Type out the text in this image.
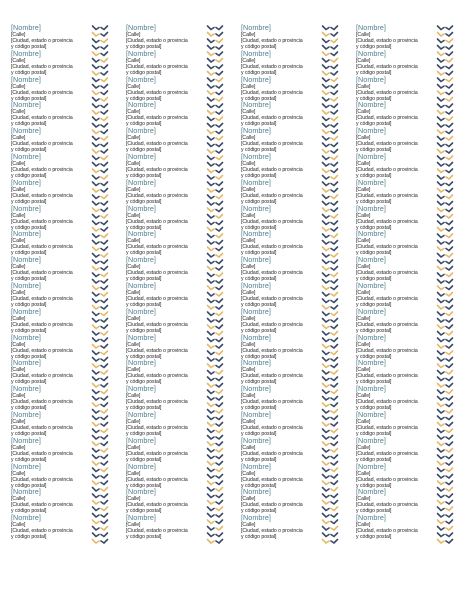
[Nombre]
[Calle]
[Ciudad, estado o provincia
y código postal]
[Nombre]
[Calle]
[Ciudad, estado o provincia
y código postal]
[Nombre]
[Calle]
[Ciudad, estado o provincia
y código postal]
[Nombre]
[Calle]
[Ciudad, estado o provincia
y código postal]
[Nombre]
[Calle]
[Ciudad, estado o provincia
y código postal]
[Nombre]
[Calle]
[Ciudad, estado o provincia
y código postal]
[Nombre]
[Calle]
[Ciudad, estado o provincia
y código postal]
[Nombre]
[Calle]
[Ciudad, estado o provincia
y código postal]
[Nombre]
[Calle]
[Ciudad, estado o provincia
y código postal]
[Nombre]
[Calle]
[Ciudad, estado o provincia
y código postal]
[Nombre]
[Calle]
[Ciudad, estado o provincia
y código postal]
[Nombre]
[Calle]
[Ciudad, estado o provincia
y código postal]
[Nombre]
[Calle]
[Ciudad, estado o provincia
y código postal]
[Nombre]
[Calle]
[Ciudad, estado o provincia
y código postal]
[Nombre]
[Calle]
[Ciudad, estado o provincia
y código postal]
[Nombre]
[Calle]
[Ciudad, estado o provincia
y código postal]
[Nombre]
[Calle]
[Ciudad, estado o provincia
y código postal]
[Nombre]
[Calle]
[Ciudad, estado o provincia
y código postal]
[Nombre]
[Calle]
[Ciudad, estado o provincia
y código postal]
[Nombre]
[Calle]
[Ciudad, estado o provincia
y código postal]
[Nombre]
[Calle]
[Ciudad, estado o provincia
y código postal]
[Nombre]
[Calle]
[Ciudad, estado o provincia
y código postal]
[Nombre]
[Calle]
[Ciudad, estado o provincia
y código postal]
[Nombre]
[Calle]
[Ciudad, estado o provincia
y código postal]
[Nombre]
[Calle]
[Ciudad, estado o provincia
y código postal]
[Nombre]
[Calle]
[Ciudad, estado o provincia
y código postal]
[Nombre]
[Calle]
[Ciudad, estado o provincia
y código postal]
[Nombre]
[Calle]
[Ciudad, estado o provincia
y código postal]
[Nombre]
[Calle]
[Ciudad, estado o provincia
y código postal]
[Nombre]
[Calle]
[Ciudad, estado o provincia
y código postal]
[Nombre]
[Calle]
[Ciudad, estado o provincia
y código postal]
[Nombre]
[Calle]
[Ciudad, estado o provincia
y código postal]
[Nombre]
[Calle]
[Ciudad, estado o provincia
y código postal]
[Nombre]
[Calle]
[Ciudad, estado o provincia
y código postal]
[Nombre]
[Calle]
[Ciudad, estado o provincia
y código postal]
[Nombre]
[Calle]
[Ciudad, estado o provincia
y código postal]
[Nombre]
[Calle]
[Ciudad, estado o provincia
y código postal]
[Nombre]
[Calle]
[Ciudad, estado o provincia
y código postal]
[Nombre]
[Calle]
[Ciudad, estado o provincia
y código postal]
[Nombre]
[Calle]
[Ciudad, estado o provincia
y código postal]
[Nombre]
[Calle]
[Ciudad, estado o provincia
y código postal]
[Nombre]
[Calle]
[Ciudad, estado o provincia
y código postal]
[Nombre]
[Calle]
[Ciudad, estado o provincia
y código postal]
[Nombre]
[Calle]
[Ciudad, estado o provincia
y código postal]
[Nombre]
[Calle]
[Ciudad, estado o provincia
y código postal]
[Nombre]
[Calle]
[Ciudad, estado o provincia
y código postal]
[Nombre]
[Calle]
[Ciudad, estado o provincia
y código postal]
[Nombre]
[Calle]
[Ciudad, estado o provincia
y código postal]
[Nombre]
[Calle]
[Ciudad, estado o provincia
y código postal]
[Nombre]
[Calle]
[Ciudad, estado o provincia
y código postal]
[Nombre]
[Calle]
[Ciudad, estado o provincia
y código postal]
[Nombre]
[Calle]
[Ciudad, estado o provincia
y código postal]
[Nombre]
[Calle]
[Ciudad, estado o provincia
y código postal]
[Nombre]
[Calle]
[Ciudad, estado o provincia
y código postal]
[Nombre]
[Calle]
[Ciudad, estado o provincia
y código postal]
[Nombre]
[Calle]
[Ciudad, estado o provincia
y código postal]
[Nombre]
[Calle]
[Ciudad, estado o provincia
y código postal]
[Nombre]
[Calle]
[Ciudad, estado o provincia
y código postal]
[Nombre]
[Calle]
[Ciudad, estado o provincia
y código postal]
[Nombre]
[Calle]
[Ciudad, estado o provincia
y código postal]
[Nombre]
[Calle]
[Ciudad, estado o provincia
y código postal]
[Nombre]
[Calle]
[Ciudad, estado o provincia
y código postal]
[Nombre]
[Calle]
[Ciudad, estado o provincia
y código postal]
[Nombre]
[Calle]
[Ciudad, estado o provincia
y código postal]
[Nombre]
[Calle]
[Ciudad, estado o provincia
y código postal]
[Nombre]
[Calle]
[Ciudad, estado o provincia
y código postal]
[Nombre]
[Calle]
[Ciudad, estado o provincia
y código postal]
[Nombre]
[Calle]
[Ciudad, estado o provincia
y código postal]
[Nombre]
[Calle]
[Ciudad, estado o provincia
y código postal]
[Nombre]
[Calle]
[Ciudad, estado o provincia
y código postal]
[Nombre]
[Calle]
[Ciudad, estado o provincia
y código postal]
[Nombre]
[Calle]
[Ciudad, estado o provincia
y código postal]
[Nombre]
[Calle]
[Ciudad, estado o provincia
y código postal]
[Nombre]
[Calle]
[Ciudad, estado o provincia
y código postal]
[Nombre]
[Calle]
[Ciudad, estado o provincia
y código postal]
[Nombre]
[Calle]
[Ciudad, estado o provincia
y código postal]
[Nombre]
[Calle]
[Ciudad, estado o provincia
y código postal]
[Nombre]
[Calle]
[Ciudad, estado o provincia
y código postal]
[Nombre]
[Calle]
[Ciudad, estado o provincia
y código postal]
[Nombre]
[Calle]
[Ciudad, estado o provincia
y código postal]
